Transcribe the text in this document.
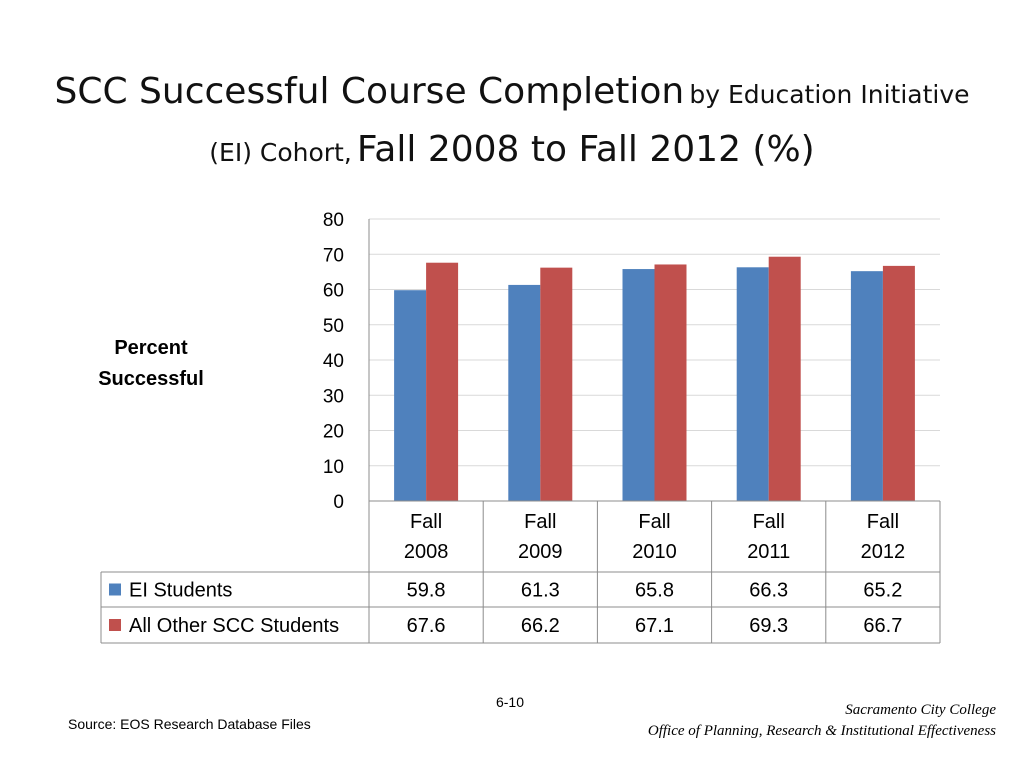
SCC Successful Course Completion by Education Initiative (EI) Cohort, Fall 2008 to Fall 2012 (%)
Percent Successful
0
10
20
30
40
50
60
70
80
Fall
2008
Fall
2009
Fall
2010
Fall
2011
Fall
2012
EI Students	59.8	61.3	65.8	66.3	65.2
All Other SCC Students	67.6	66.2	67.1	69.3	66.7
6-10
Source: EOS Research Database Files
Sacramento City College
Office of Planning, Research & Institutional Effectiveness
